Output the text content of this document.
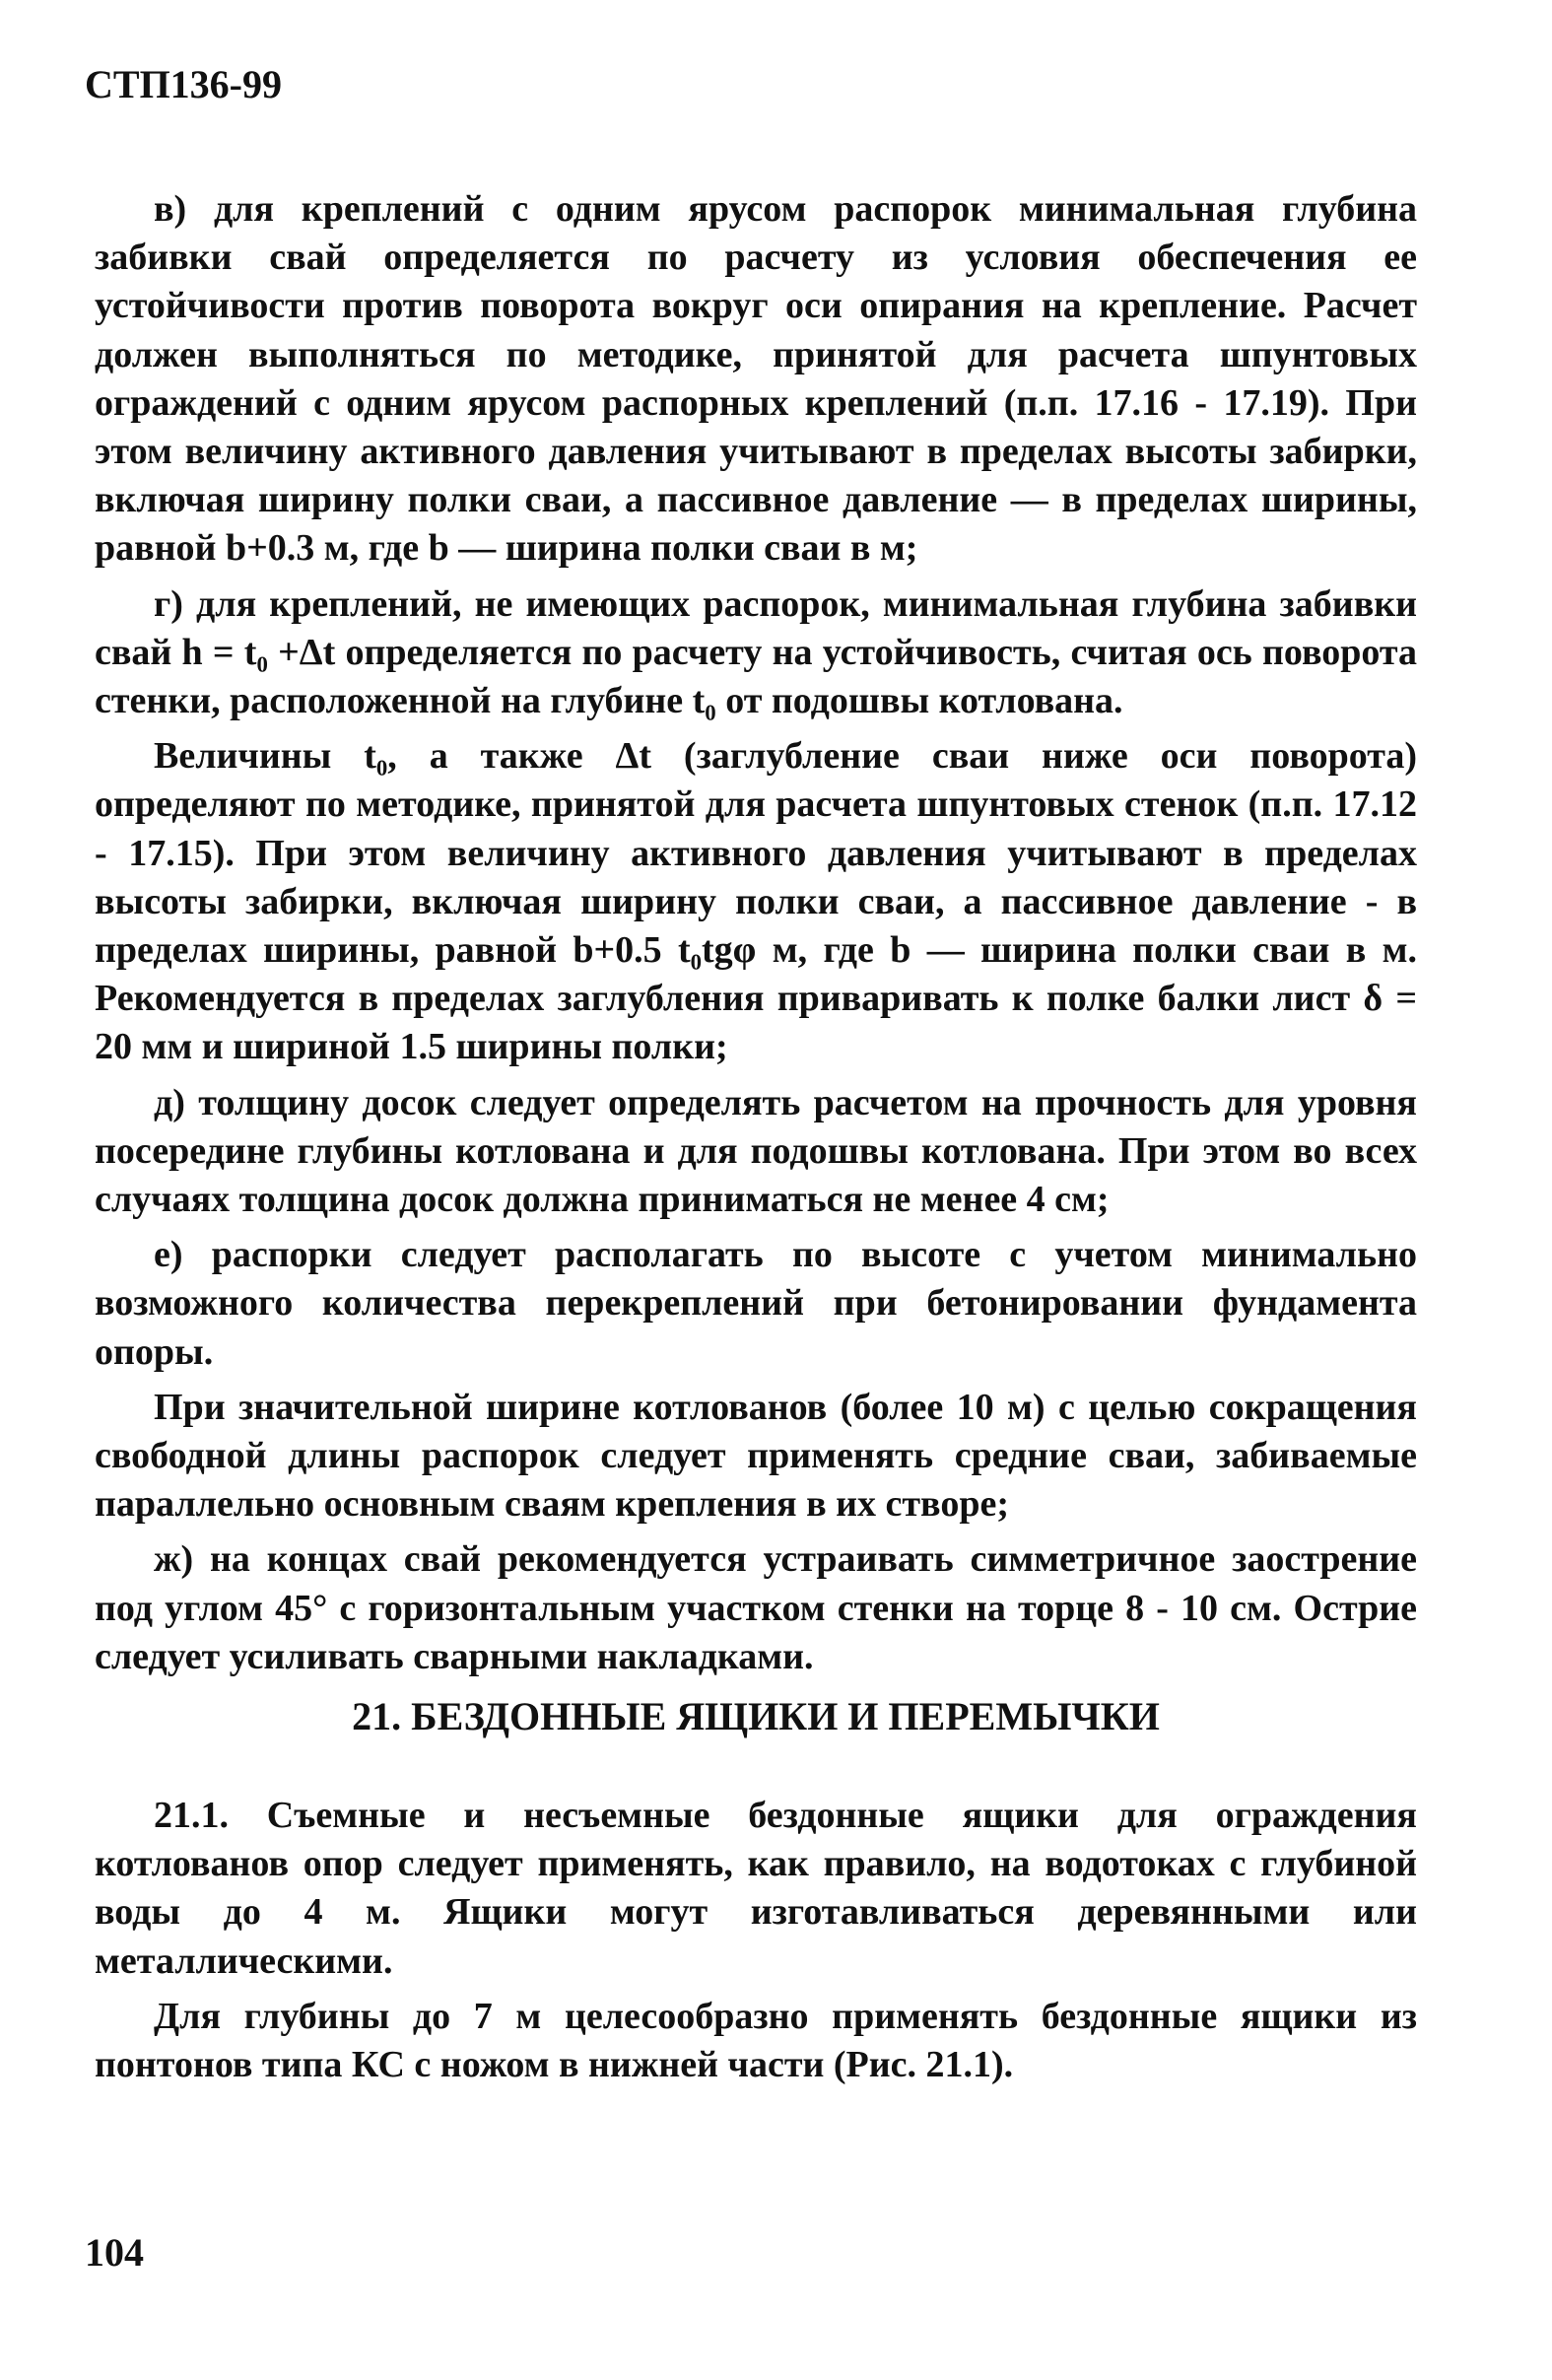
СТП136-99

в) для креплений с одним ярусом распорок минимальная глубина забивки свай определяется по расчету из условия обеспечения ее устойчивости против поворота вокруг оси опирания на крепление. Расчет должен выполняться по методике, принятой для расчета шпунтовых ограждений с одним ярусом распорных креплений (п.п. 17.16 - 17.19). При этом величину активного давления учитывают в пределах высоты забирки, включая ширину полки сваи, а пассивное давление — в пределах ширины, равной b+0.3 м, где b — ширина полки сваи в м;

г) для креплений, не имеющих распорок, минимальная глубина забивки свай h = t₀ +Δt определяется по расчету на устойчивость, считая ось поворота стенки, расположенной на глубине t₀ от подошвы котлована.

Величины t₀, а также Δt (заглубление сваи ниже оси поворота) определяют по методике, принятой для расчета шпунтовых стенок (п.п. 17.12 - 17.15). При этом величину активного давления учитывают в пределах высоты забирки, включая ширину полки сваи, а пассивное давление - в пределах ширины, равной b+0.5 t₀tgφ м, где b — ширина полки сваи в м. Рекомендуется в пределах заглубления приваривать к полке балки лист δ = 20 мм и шириной 1.5 ширины полки;

д) толщину досок следует определять расчетом на прочность для уровня посередине глубины котлована и для подошвы котлована. При этом во всех случаях толщина досок должна приниматься не менее 4 см;

е) распорки следует располагать по высоте с учетом минимально возможного количества перекреплений при бетонировании фундамента опоры.

При значительной ширине котлованов (более 10 м) с целью сокращения свободной длины распорок следует применять средние сваи, забиваемые параллельно основным сваям крепления в их створе;

ж) на концах свай рекомендуется устраивать симметричное заострение под углом 45° с горизонтальным участком стенки на торце 8 - 10 см. Острие следует усиливать сварными накладками.

21. БЕЗДОННЫЕ ЯЩИКИ И ПЕРЕМЫЧКИ

21.1. Съемные и несъемные бездонные ящики для ограждения котлованов опор следует применять, как правило, на водотоках с глубиной воды до 4 м. Ящики могут изготавливаться деревянными или металлическими.

Для глубины до 7 м целесообразно применять бездонные ящики из понтонов типа КС с ножом в нижней части (Рис. 21.1).

104
